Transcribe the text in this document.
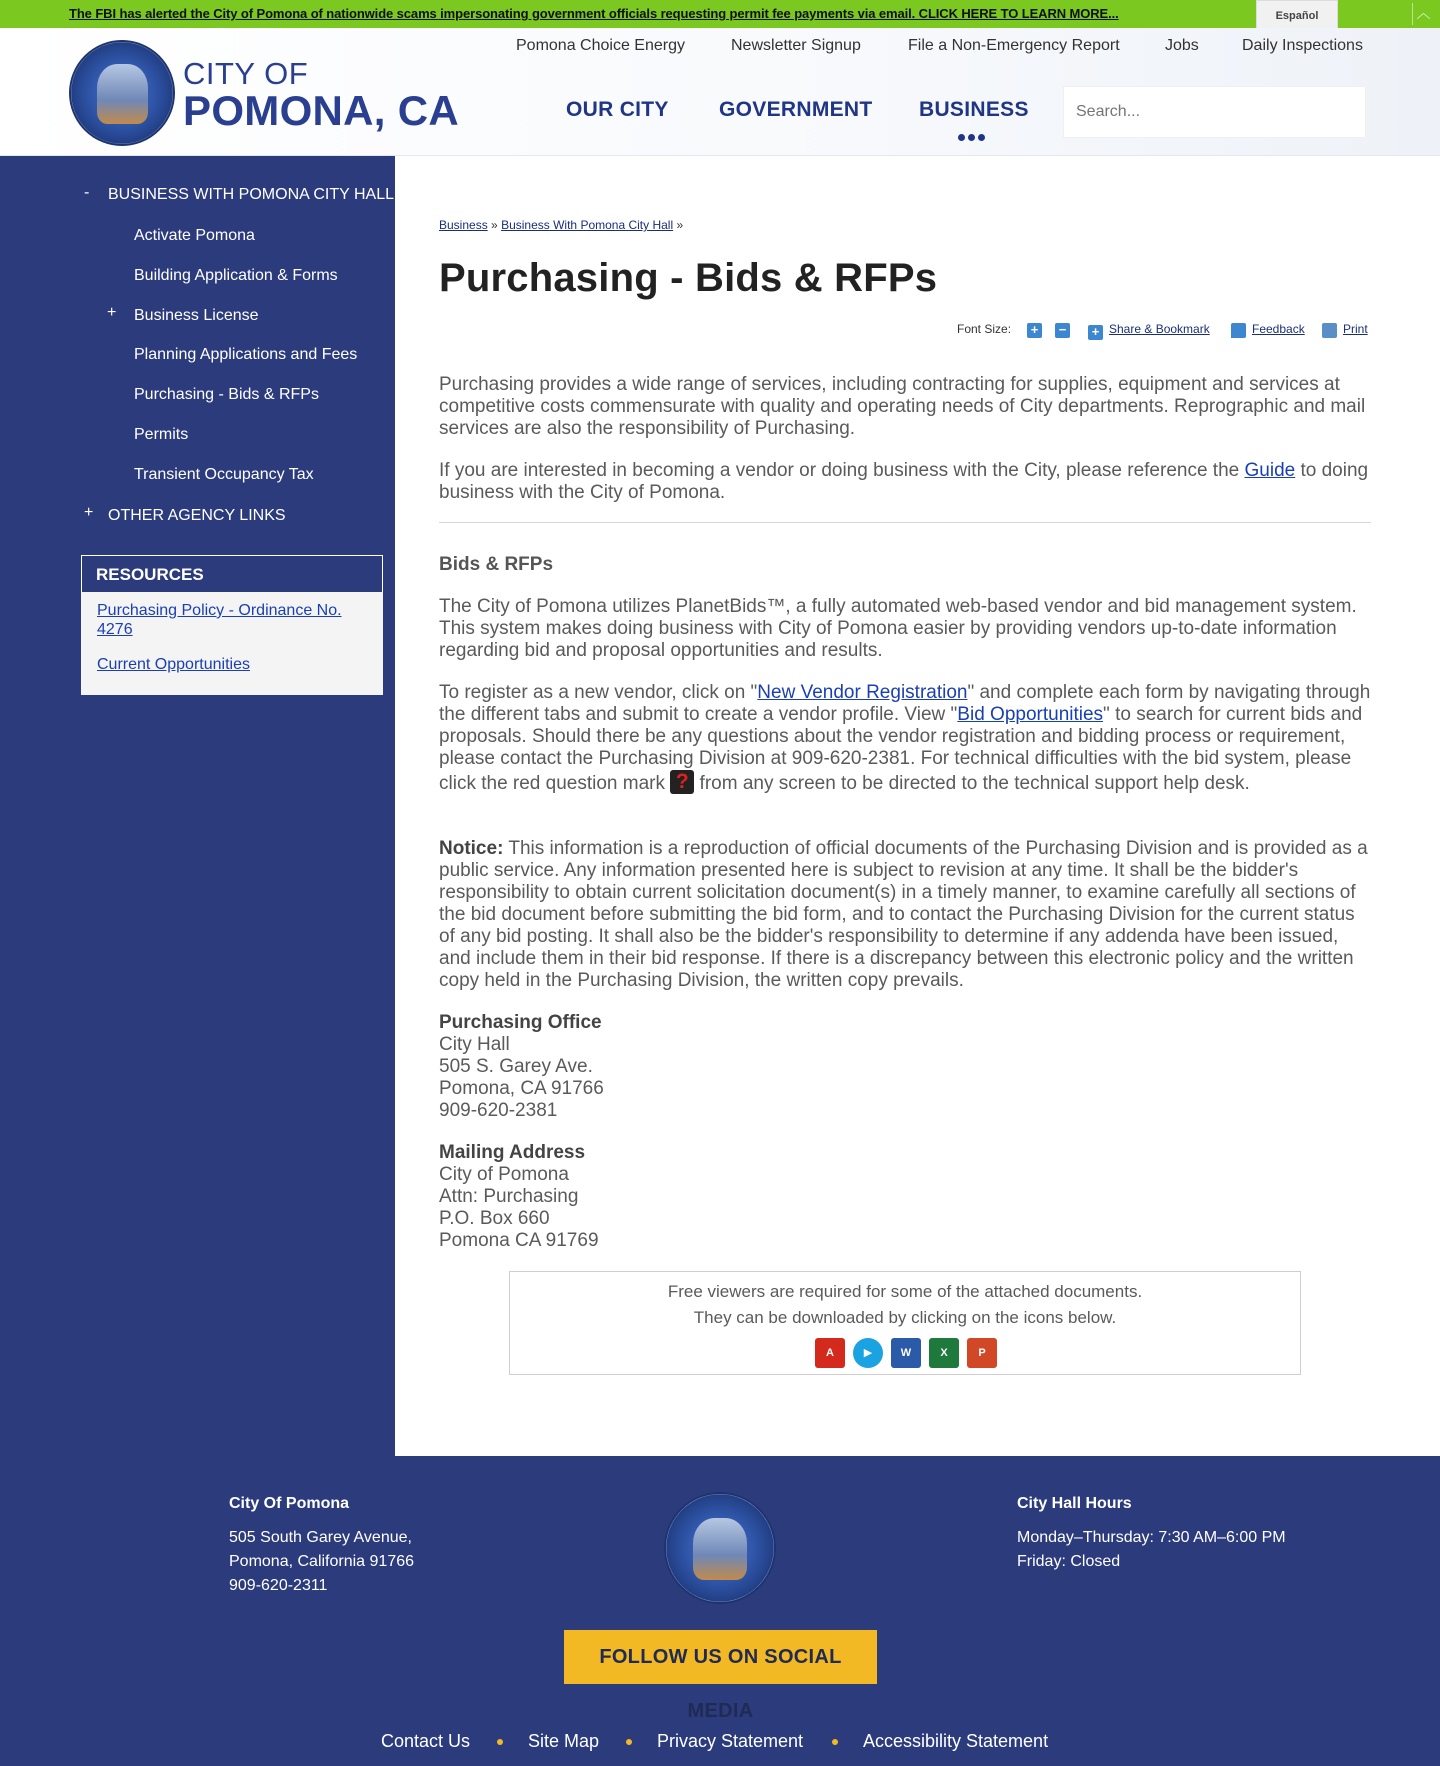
The FBI has alerted the City of Pomona of nationwide scams impersonating government officials requesting permit fee payments via email. CLICK HERE TO LEARN MORE...	Español	︿
CITY OF
POMONA, CA
Pomona Choice Energy	Newsletter Signup	File a Non-Emergency Report	Jobs	Daily Inspections
OUR CITY GOVERNMENT BUSINESS
Search...
- BUSINESS WITH POMONA CITY HALL
Activate Pomona
Building Application & Forms
+ Business License
Planning Applications and Fees
Purchasing - Bids & RFPs
Permits
Transient Occupancy Tax
+ OTHER AGENCY LINKS
RESOURCES
Purchasing Policy - Ordinance No. 4276
Current Opportunities
Business » Business With Pomona City Hall »
Purchasing - Bids & RFPs
Font Size: + − + Share & Bookmark	Feedback	Print

Purchasing provides a wide range of services, including contracting for supplies, equipment and services at competitive costs commensurate with quality and operating needs of City departments. Reprographic and mail services are also the responsibility of Purchasing.

If you are interested in becoming a vendor or doing business with the City, please reference the Guide to doing business with the City of Pomona.

Bids & RFPs

The City of Pomona utilizes PlanetBids™, a fully automated web-based vendor and bid management system. This system makes doing business with City of Pomona easier by providing vendors up-to-date information regarding bid and proposal opportunities and results.

To register as a new vendor, click on "New Vendor Registration" and complete each form by navigating through the different tabs and submit to create a vendor profile. View "Bid Opportunities" to search for current bids and proposals. Should there be any questions about the vendor registration and bidding process or requirement, please contact the Purchasing Division at 909-620-2381. For technical difficulties with the bid system, please click the red question mark ? from any screen to be directed to the technical support help desk.

Notice: This information is a reproduction of official documents of the Purchasing Division and is provided as a public service. Any information presented here is subject to revision at any time. It shall be the bidder's responsibility to obtain current solicitation document(s) in a timely manner, to examine carefully all sections of the bid document before submitting the bid form, and to contact the Purchasing Division for the current status of any bid posting. It shall also be the bidder's responsibility to determine if any addenda have been issued, and include them in their bid response. If there is a discrepancy between this electronic policy and the written copy held in the Purchasing Division, the written copy prevails.

Purchasing Office
City Hall
505 S. Garey Ave.
Pomona, CA 91766
909-620-2381
Mailing Address
City of Pomona
Attn: Purchasing
P.O. Box 660
Pomona CA 91769
Free viewers are required for some of the attached documents.
They can be downloaded by clicking on the icons below.
A	▶	W	X	P
City Of Pomona
505 South Garey Avenue,
Pomona, California 91766
909-620-2311
City Hall Hours
Monday–Thursday: 7:30 AM–6:00 PM
Friday: Closed
FOLLOW US ON SOCIAL MEDIA
Contact Us	Site Map	Privacy Statement	Accessibility Statement
